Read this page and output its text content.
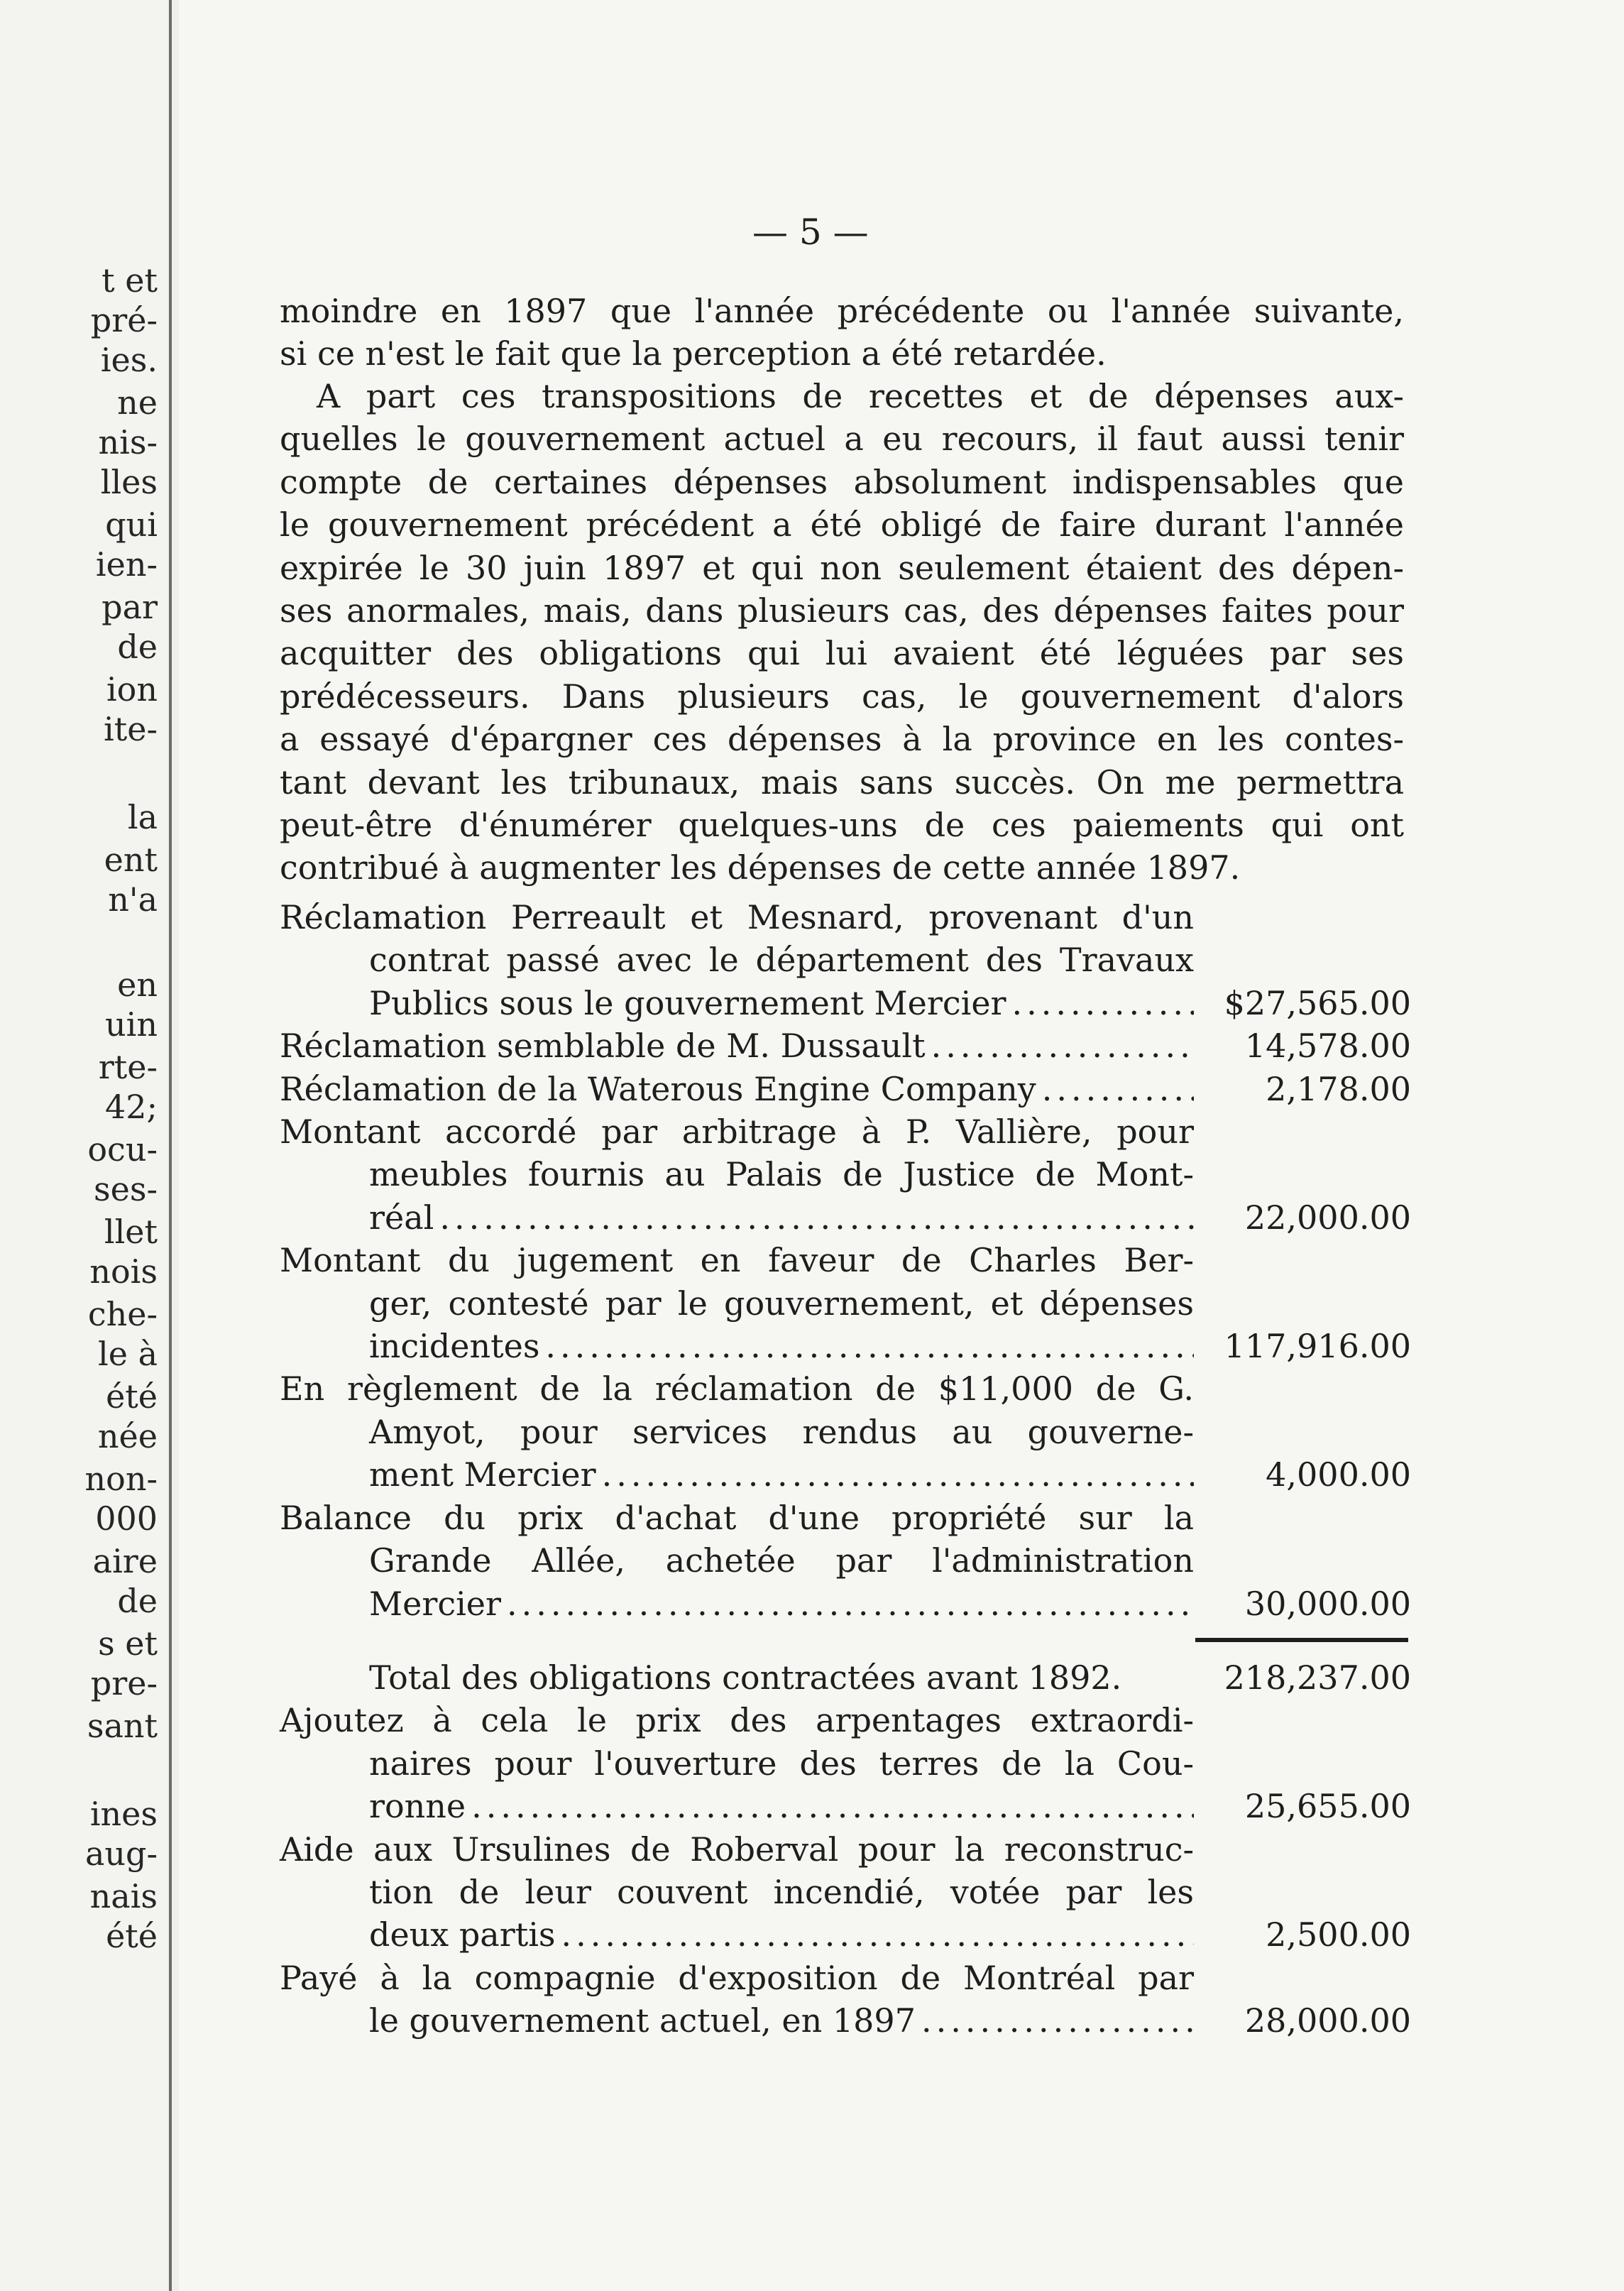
t et
pré-
ies.
ne
nis-
lles
qui
ien-
par
de
ion
ite-
la
ent
n'a
en
uin
rte-
42;
ocu-
ses-
llet
nois
che-
le à
été
née
non-
000
aire
de
s et
pre-
sant
ines
aug-
nais
été
— 5 —
moindre en 1897 que l'année précédente ou l'année suivante,
si ce n'est le fait que la perception a été retardée.
A part ces transpositions de recettes et de dépenses aux-
quelles le gouvernement actuel a eu recours, il faut aussi tenir
compte de certaines dépenses absolument indispensables que
le gouvernement précédent a été obligé de faire durant l'année
expirée le 30 juin 1897 et qui non seulement étaient des dépen-
ses anormales, mais, dans plusieurs cas, des dépenses faites pour
acquitter des obligations qui lui avaient été léguées par ses
prédécesseurs. Dans plusieurs cas, le gouvernement d'alors
a essayé d'épargner ces dépenses à la province en les contes-
tant devant les tribunaux, mais sans succès. On me permettra
peut-être d'énumérer quelques-uns de ces paiements qui ont
contribué à augmenter les dépenses de cette année 1897.
Réclamation Perreault et Mesnard, provenant d'un
contrat passé avec le département des Travaux
Publics sous le gouvernement Mercier .....	$27,565.00
Réclamation semblable de M. Dussault .....	14,578.00
Réclamation de la Waterous Engine Company .....	2,178.00
Montant accordé par arbitrage à P. Vallière, pour
meubles fournis au Palais de Justice de Mont-
réal .....	22,000.00
Montant du jugement en faveur de Charles Ber-
ger, contesté par le gouvernement, et dépenses
incidentes .....	117,916.00
En règlement de la réclamation de $11,000 de G.
Amyot, pour services rendus au gouverne-
ment Mercier .....	4,000.00
Balance du prix d'achat d'une propriété sur la
Grande Allée, achetée par l'administration
Mercier .....	30,000.00
Total des obligations contractées avant 1892.	218,237.00
Ajoutez à cela le prix des arpentages extraordi-
naires pour l'ouverture des terres de la Cou-
ronne .....	25,655.00
Aide aux Ursulines de Roberval pour la reconstruc-
tion de leur couvent incendié, votée par les
deux partis .....	2,500.00
Payé à la compagnie d'exposition de Montréal par
le gouvernement actuel, en 1897 .....	28,000.00
